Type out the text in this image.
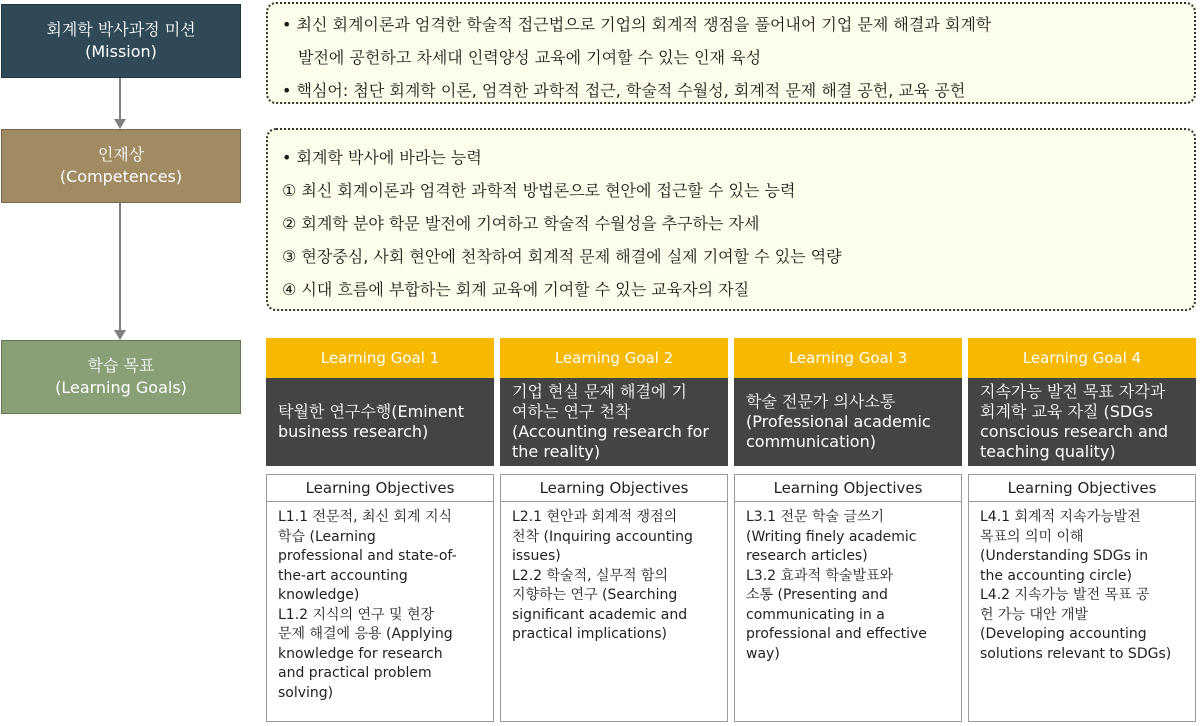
회계학 박사과정 미션
(Mission)
인재상
(Competences)
학습 목표
(Learning Goals)
• 최신 회계이론과 엄격한 학술적 접근법으로 기업의 회계적 쟁점을 풀어내어 기업 문제 해결과 회계학
발전에 공헌하고 차세대 인력양성 교육에 기여할 수 있는 인재 육성
• 핵심어: 첨단 회계학 이론, 엄격한 과학적 접근, 학술적 수월성, 회계적 문제 해결 공헌, 교육 공헌
• 회계학 박사에 바라는 능력
① 최신 회계이론과 엄격한 과학적 방법론으로 현안에 접근할 수 있는 능력
② 회계학 분야 학문 발전에 기여하고 학술적 수월성을 추구하는 자세
③ 현장중심, 사회 현안에 천착하여 회계적 문제 해결에 실제 기여할 수 있는 역량
④ 시대 흐름에 부합하는 회계 교육에 기여할 수 있는 교육자의 자질
Learning Goal 1
탁월한 연구수행(Eminent
business research)
Learning Objectives
L1.1 전문적, 최신 회계 지식
학습 (Learning
professional and state-of-
the-art accounting
knowledge)
L1.2 지식의 연구 및 현장
문제 해결에 응용 (Applying
knowledge for research
and practical problem
solving)
Learning Goal 2
기업 현실 문제 해결에 기
여하는 연구 천착
(Accounting research for
the reality)
Learning Objectives
L2.1 현안과 회계적 쟁점의
천착 (Inquiring accounting
issues)
L2.2 학술적, 실무적 함의
지향하는 연구 (Searching
significant academic and
practical implications)
Learning Goal 3
학술 전문가 의사소통
(Professional academic
communication)
Learning Objectives
L3.1 전문 학술 글쓰기
(Writing finely academic
research articles)
L3.2 효과적 학술발표와
소통 (Presenting and
communicating in a
professional and effective
way)
Learning Goal 4
지속가능 발전 목표 자각과
회계학 교육 자질 (SDGs
conscious research and
teaching quality)
Learning Objectives
L4.1 회계적 지속가능발전
목표의 의미 이해
(Understanding SDGs in
the accounting circle)
L4.2 지속가능 발전 목표 공
헌 가능 대안 개발
(Developing accounting
solutions relevant to SDGs)
